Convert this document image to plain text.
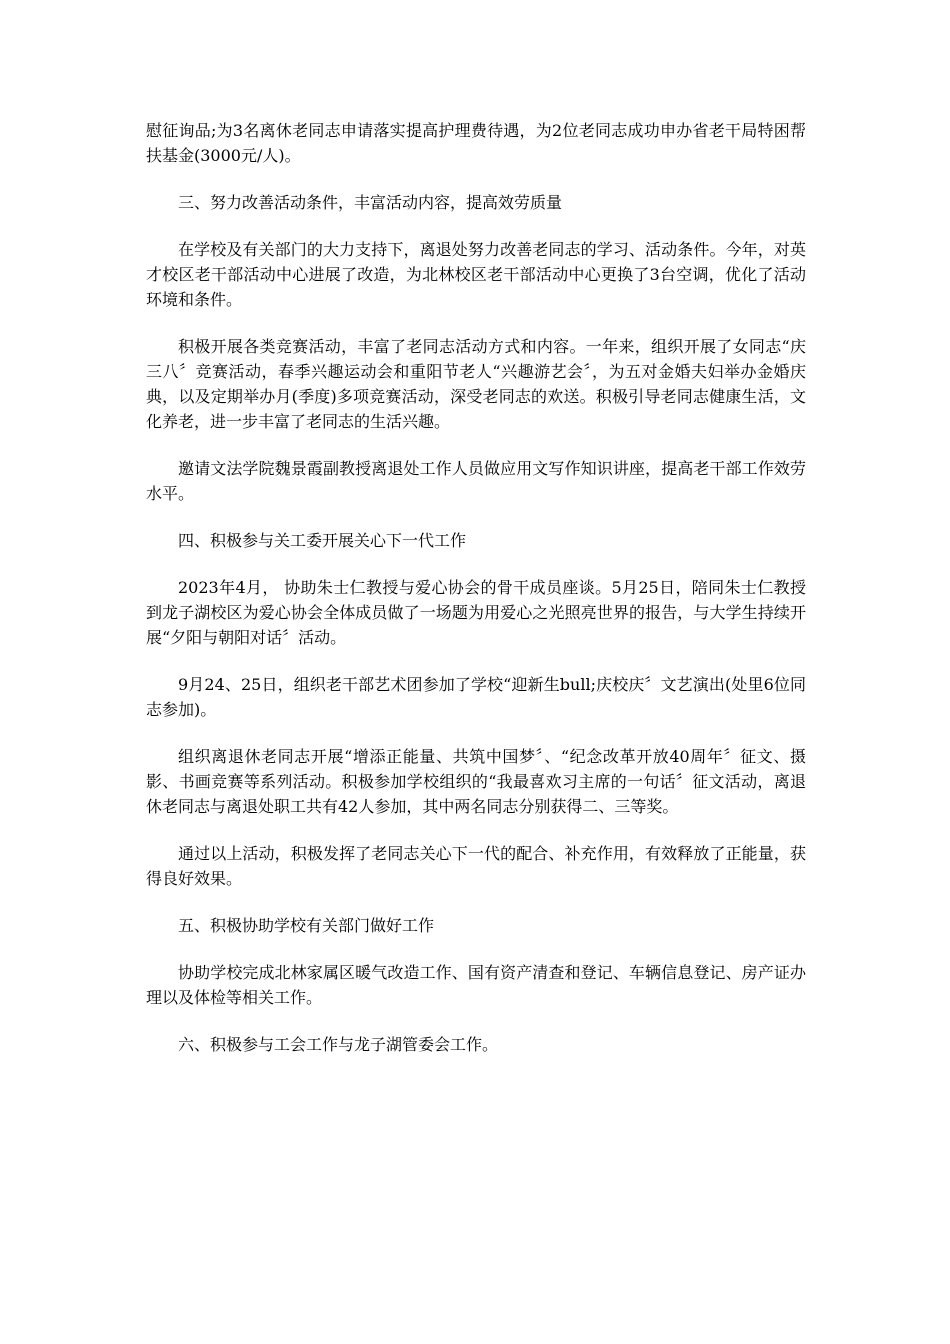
慰征询品;为3名离休老同志申请落实提高护理费待遇，为2位老同志成功申办省老干局特困帮扶基金(3000元/人)。

三、努力改善活动条件，丰富活动内容，提高效劳质量

在学校及有关部门的大力支持下，离退处努力改善老同志的学习、活动条件。今年，对英才校区老干部活动中心进展了改造，为北林校区老干部活动中心更换了3台空调，优化了活动环境和条件。

积极开展各类竞赛活动，丰富了老同志活动方式和内容。一年来，组织开展了女同志“庆三八〞竞赛活动，春季兴趣运动会和重阳节老人“兴趣游艺会〞，为五对金婚夫妇举办金婚庆典，以及定期举办月(季度)多项竞赛活动，深受老同志的欢送。积极引导老同志健康生活，文化养老，进一步丰富了老同志的生活兴趣。

邀请文法学院魏景霞副教授离退处工作人员做应用文写作知识讲座，提高老干部工作效劳水平。

四、积极参与关工委开展关心下一代工作

2023年4月， 协助朱士仁教授与爱心协会的骨干成员座谈。5月25日，陪同朱士仁教授到龙子湖校区为爱心协会全体成员做了一场题为用爱心之光照亮世界的报告，与大学生持续开展“夕阳与朝阳对话〞活动。

9月24、25日，组织老干部艺术团参加了学校“迎新生bull;庆校庆〞文艺演出(处里6位同志参加)。

组织离退休老同志开展“增添正能量、共筑中国梦〞、“纪念改革开放40周年〞征文、摄影、书画竞赛等系列活动。积极参加学校组织的“我最喜欢习主席的一句话〞征文活动，离退休老同志与离退处职工共有42人参加，其中两名同志分别获得二、三等奖。

通过以上活动，积极发挥了老同志关心下一代的配合、补充作用，有效释放了正能量，获得良好效果。

五、积极协助学校有关部门做好工作

协助学校完成北林家属区暖气改造工作、国有资产清查和登记、车辆信息登记、房产证办理以及体检等相关工作。

六、积极参与工会工作与龙子湖管委会工作。
